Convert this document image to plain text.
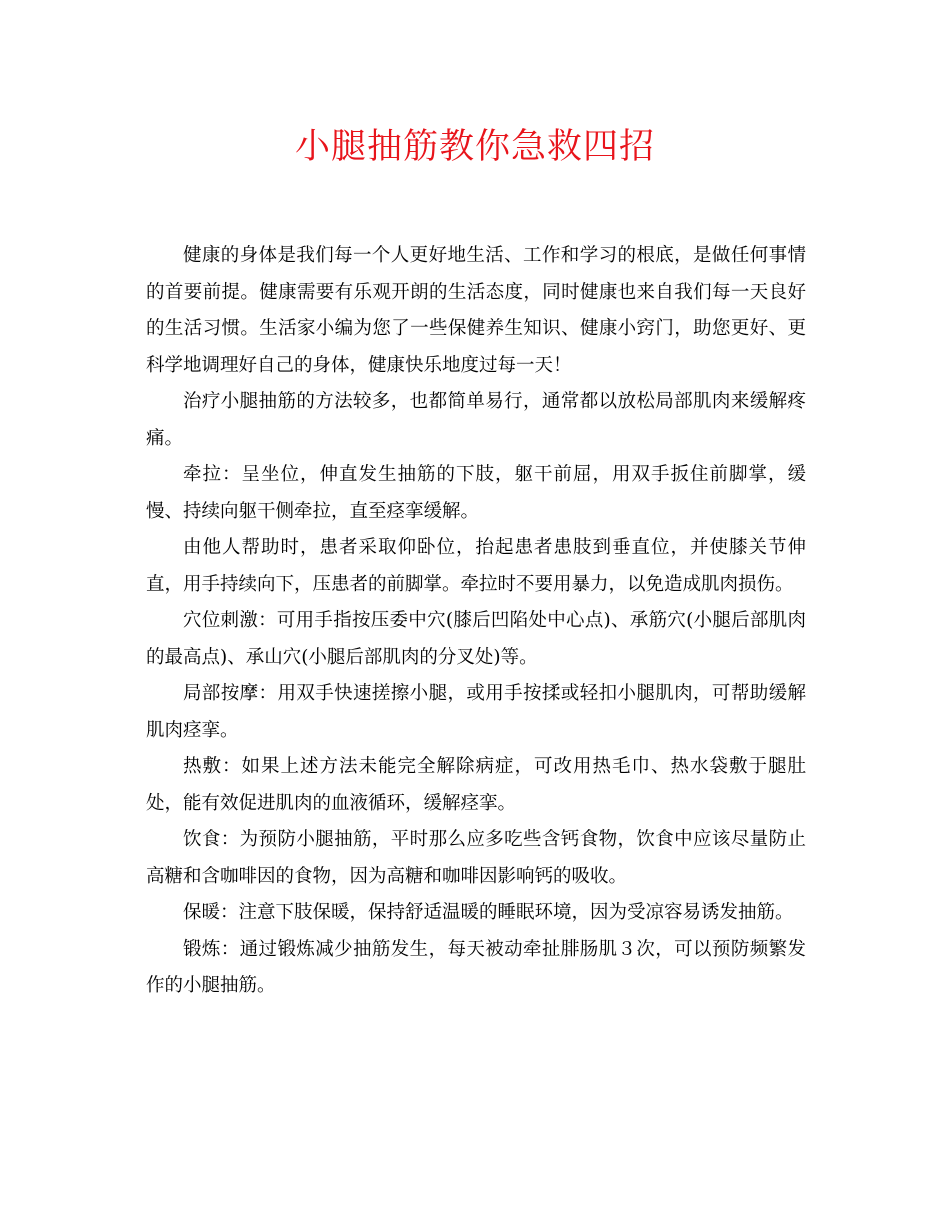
小腿抽筋教你急救四招

健康的身体是我们每一个人更好地生活、工作和学习的根底，是做任何事情的首要前提。健康需要有乐观开朗的生活态度，同时健康也来自我们每一天良好的生活习惯。生活家小编为您了一些保健养生知识、健康小窍门，助您更好、更科学地调理好自己的身体，健康快乐地度过每一天！

治疗小腿抽筋的方法较多，也都简单易行，通常都以放松局部肌肉来缓解疼痛。

牵拉：呈坐位，伸直发生抽筋的下肢，躯干前屈，用双手扳住前脚掌，缓慢、持续向躯干侧牵拉，直至痉挛缓解。

由他人帮助时，患者采取仰卧位，抬起患者患肢到垂直位，并使膝关节伸直，用手持续向下，压患者的前脚掌。牵拉时不要用暴力，以免造成肌肉损伤。

穴位刺激：可用手指按压委中穴(膝后凹陷处中心点)、承筋穴(小腿后部肌肉的最高点)、承山穴(小腿后部肌肉的分叉处)等。

局部按摩：用双手快速搓擦小腿，或用手按揉或轻扣小腿肌肉，可帮助缓解肌肉痉挛。

热敷：如果上述方法未能完全解除病症，可改用热毛巾、热水袋敷于腿肚处，能有效促进肌肉的血液循环，缓解痉挛。

饮食：为预防小腿抽筋，平时那么应多吃些含钙食物，饮食中应该尽量防止高糖和含咖啡因的食物，因为高糖和咖啡因影响钙的吸收。

保暖：注意下肢保暖，保持舒适温暖的睡眠环境，因为受凉容易诱发抽筋。

锻炼：通过锻炼减少抽筋发生，每天被动牵扯腓肠肌３次，可以预防频繁发作的小腿抽筋。
